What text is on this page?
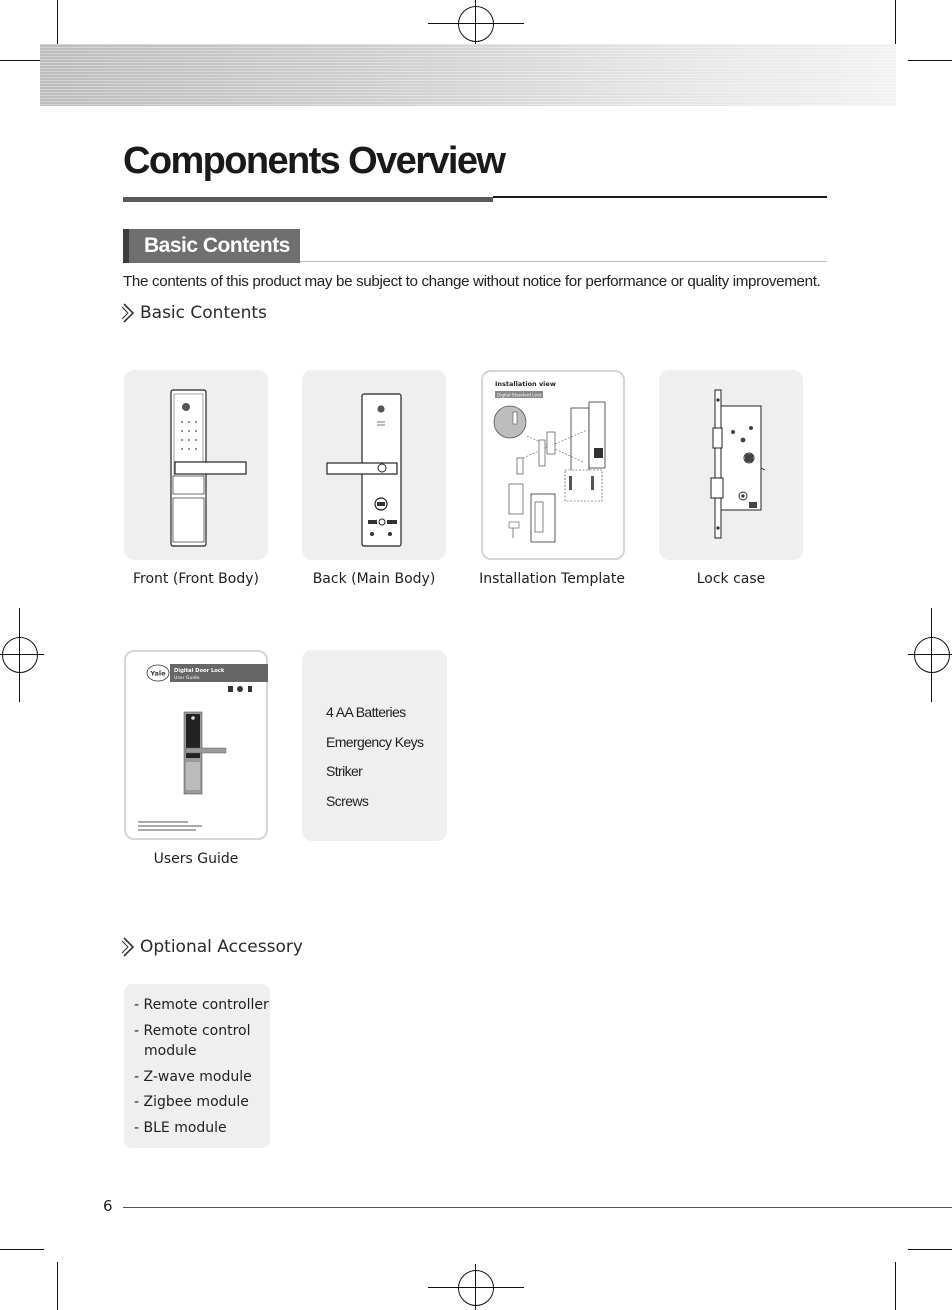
Components Overview
Basic Contents
The contents of this product may be subject to change without notice for performance or quality improvement.
Basic Contents
Front (Front Body)	Back (Main Body)
Installation view
Digital Standard Lock
Installation Template	Lock case
Yale Digital Door Lock
User Guide
Users Guide
4 AA Batteries
Emergency Keys
Striker
Screws
Optional Accessory
- Remote controller
- Remote control
module
- Z-wave module
- Zigbee module
- BLE module
6
